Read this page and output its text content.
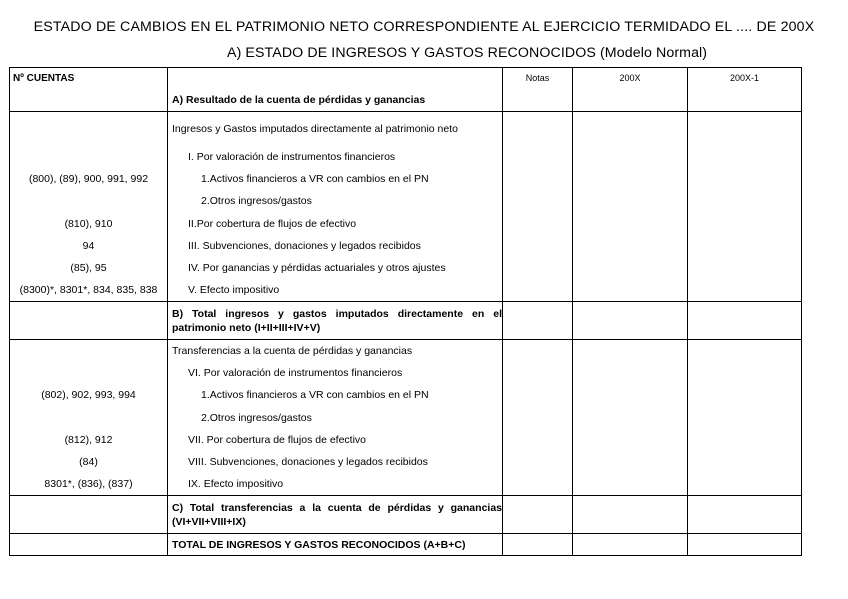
ESTADO DE CAMBIOS EN EL PATRIMONIO NETO CORRESPONDIENTE AL EJERCICIO TERMIDADO EL .... DE 200X
A) ESTADO DE INGRESOS Y GASTOS RECONOCIDOS (Modelo Normal)
Nº CUENTAS		Notas	200X	200X-1
	A) Resultado de la cuenta de pérdidas y ganancias			
	Ingresos y Gastos imputados directamente al patrimonio neto			
	I. Por valoración de instrumentos financieros			
(800), (89), 900, 991, 992	1.Activos financieros a VR con cambios en el PN			
	2.Otros ingresos/gastos			
(810), 910	II.Por cobertura de flujos de efectivo			
94	III. Subvenciones, donaciones y legados recibidos			
(85), 95	IV. Por ganancias y pérdidas actuariales y otros ajustes			
(8300)*, 8301*, 834, 835, 838	V. Efecto impositivo			
	B) Total ingresos y gastos imputados directamente en el patrimonio neto (I+II+III+IV+V)			
	Transferencias a la cuenta de pérdidas y ganancias			
	VI. Por valoración de instrumentos financieros			
(802), 902, 993, 994	1.Activos financieros a VR con cambios en el PN			
	2.Otros ingresos/gastos			
(812), 912	VII. Por cobertura de flujos de efectivo			
(84)	VIII. Subvenciones, donaciones y legados recibidos			
8301*, (836), (837)	IX. Efecto impositivo			
	C) Total transferencias a la cuenta de pérdidas y ganancias (VI+VII+VIII+IX)			
	TOTAL DE INGRESOS Y GASTOS RECONOCIDOS (A+B+C)			
